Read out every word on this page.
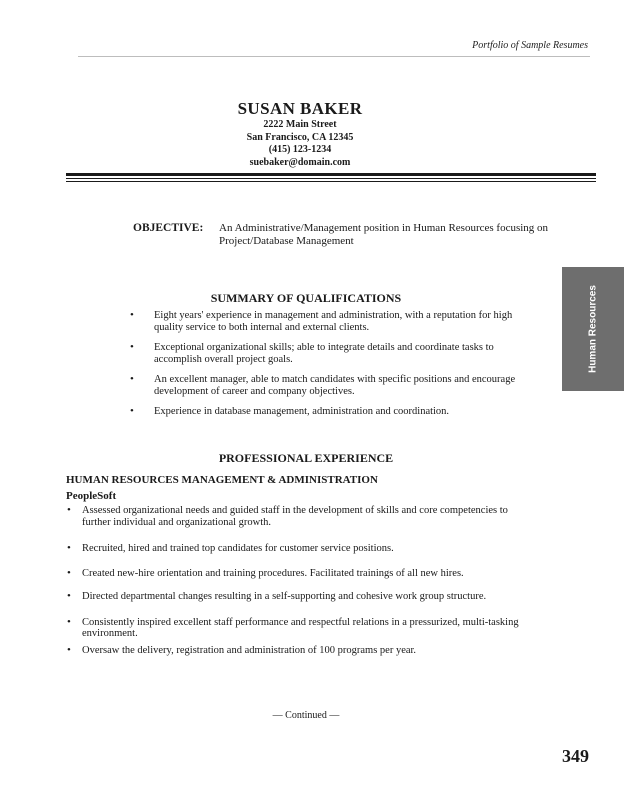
Portfolio of Sample Resumes
SUSAN BAKER
2222 Main Street
San Francisco, CA 12345
(415) 123-1234
suebaker@domain.com
OBJECTIVE: An Administrative/Management position in Human Resources focusing on Project/Database Management
SUMMARY OF QUALIFICATIONS
• Eight years' experience in management and administration, with a reputation for high quality service to both internal and external clients.
• Exceptional organizational skills; able to integrate details and coordinate tasks to accomplish overall project goals.
• An excellent manager, able to match candidates with specific positions and encourage development of career and company objectives.
• Experience in database management, administration and coordination.
Human Resources
PROFESSIONAL EXPERIENCE
HUMAN RESOURCES MANAGEMENT & ADMINISTRATION
PeopleSoft
• Assessed organizational needs and guided staff in the development of skills and core competencies to further individual and organizational growth.
• Recruited, hired and trained top candidates for customer service positions.
• Created new-hire orientation and training procedures. Facilitated trainings of all new hires.
• Directed departmental changes resulting in a self-supporting and cohesive work group structure.
• Consistently inspired excellent staff performance and respectful relations in a pressurized, multi-tasking environment.
• Oversaw the delivery, registration and administration of 100 programs per year.
— Continued —
349
